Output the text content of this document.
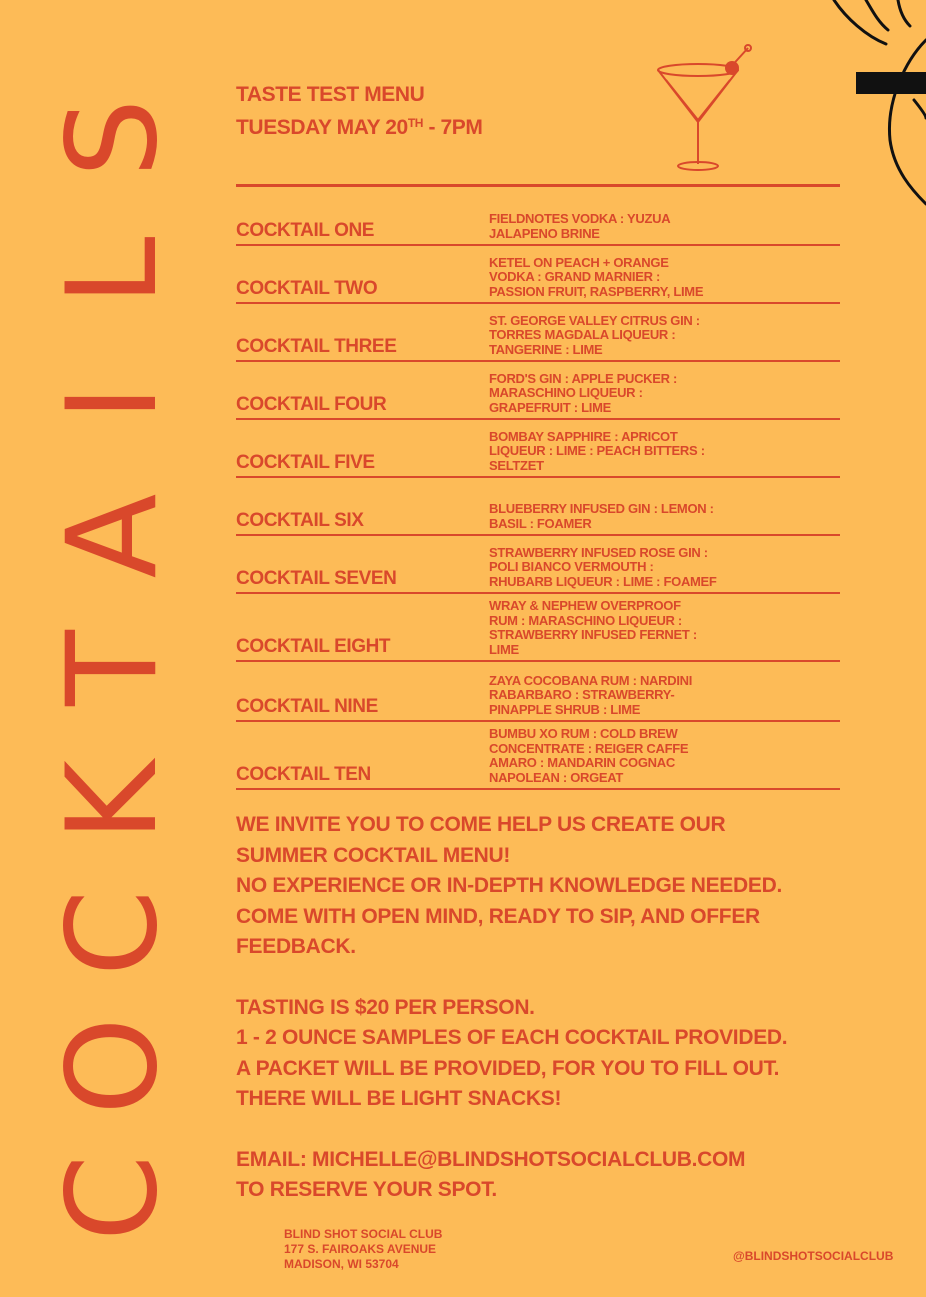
S
L
I
A
T
K
C
O
C
TASTE TEST MENU
TUESDAY MAY 20TH - 7PM
COCKTAIL ONE
FIELDNOTES VODKA : YUZUA
JALAPENO BRINE
COCKTAIL TWO
KETEL ON PEACH + ORANGE
VODKA : GRAND MARNIER :
PASSION FRUIT, RASPBERRY, LIME
COCKTAIL THREE
ST. GEORGE VALLEY CITRUS GIN :
TORRES MAGDALA LIQUEUR :
TANGERINE : LIME
COCKTAIL FOUR
FORD'S GIN : APPLE PUCKER :
MARASCHINO LIQUEUR :
GRAPEFRUIT : LIME
COCKTAIL FIVE
BOMBAY SAPPHIRE : APRICOT
LIQUEUR : LIME : PEACH BITTERS :
SELTZET
COCKTAIL SIX
BLUEBERRY INFUSED GIN : LEMON :
BASIL : FOAMER
COCKTAIL SEVEN
STRAWBERRY INFUSED ROSE GIN :
POLI BIANCO VERMOUTH :
RHUBARB LIQUEUR : LIME : FOAMEF
COCKTAIL EIGHT
WRAY & NEPHEW OVERPROOF
RUM : MARASCHINO LIQUEUR :
STRAWBERRY INFUSED FERNET :
LIME
COCKTAIL NINE
ZAYA COCOBANA RUM : NARDINI
RABARBARO : STRAWBERRY-
PINAPPLE SHRUB : LIME
COCKTAIL TEN
BUMBU XO RUM : COLD BREW
CONCENTRATE : REIGER CAFFE
AMARO : MANDARIN COGNAC
NAPOLEAN : ORGEAT

WE INVITE YOU TO COME HELP US CREATE OUR

SUMMER COCKTAIL MENU!

NO EXPERIENCE OR IN-DEPTH KNOWLEDGE NEEDED.

COME WITH OPEN MIND, READY TO SIP, AND OFFER

FEEDBACK.

TASTING IS $20 PER PERSON.

1 - 2 OUNCE SAMPLES OF EACH COCKTAIL PROVIDED.

A PACKET WILL BE PROVIDED, FOR YOU TO FILL OUT.

THERE WILL BE LIGHT SNACKS!

EMAIL: MICHELLE@BLINDSHOTSOCIALCLUB.COM

TO RESERVE YOUR SPOT.

BLIND SHOT SOCIAL CLUB
177 S. FAIROAKS AVENUE
MADISON, WI 53704
@BLINDSHOTSOCIALCLUB
